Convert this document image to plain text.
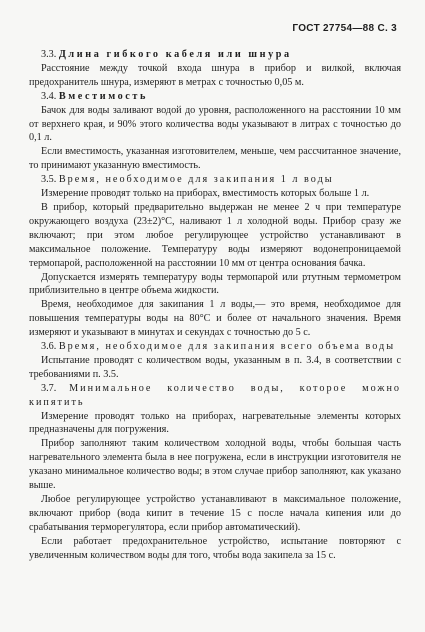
ГОСТ 27754—88 С. 3

3.3. Длина гибкого кабеля или шнура

Расстояние между точкой входа шнура в прибор и вилкой, включая предохранитель шнура, измеряют в метрах с точностью 0,05 м.

3.4. Вместимость

Бачок для воды заливают водой до уровня, расположенного на расстоянии 10 мм от верхнего края, и 90% этого количества воды указывают в литрах с точностью до 0,1 л.

Если вместимость, указанная изготовителем, меньше, чем рассчитанное значение, то принимают указанную вместимость.

3.5. Время, необходимое для закипания 1 л воды

Измерение проводят только на приборах, вместимость которых больше 1 л.

В прибор, который предварительно выдержан не менее 2 ч при температуре окружающего воздуха (23±2)°C, наливают 1 л холодной воды. Прибор сразу же включают; при этом любое регулирующее устройство устанавливают в максимальное положение. Температуру воды измеряют водонепроницаемой термопарой, расположенной на расстоянии 10 мм от центра основания бачка.

Допускается измерять температуру воды термопарой или ртутным термометром приблизительно в центре объема жидкости.

Время, необходимое для закипания 1 л воды,— это время, необходимое для повышения температуры воды на 80°C и более от начального значения. Время измеряют и указывают в минутах и секундах с точностью до 5 с.

3.6. Время, необходимое для закипания всего объема воды

Испытание проводят с количеством воды, указанным в п. 3.4, в соответствии с требованиями п. 3.5.

3.7. Минимальное количество воды, которое можно кипятить

Измерение проводят только на приборах, нагревательные элементы которых предназначены для погружения.

Прибор заполняют таким количеством холодной воды, чтобы большая часть нагревательного элемента была в нее погружена, если в инструкции изготовителя не указано минимальное количество воды; в этом случае прибор заполняют, как указано выше.

Любое регулирующее устройство устанавливают в максимальное положение, включают прибор (вода кипит в течение 15 с после начала кипения или до срабатывания терморегулятора, если прибор автоматический).

Если работает предохранительное устройство, испытание повторяют с увеличенным количеством воды для того, чтобы вода закипела за 15 с.
